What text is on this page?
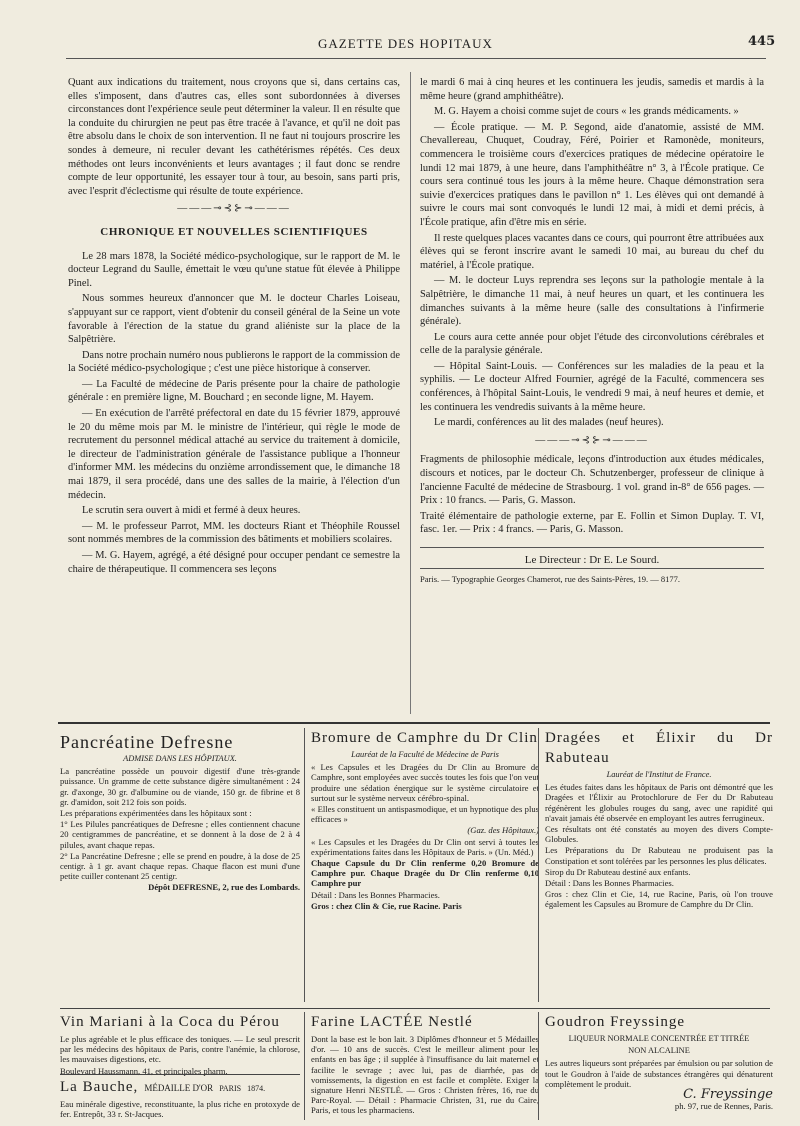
GAZETTE DES HOPITAUX	445

Quant aux indications du traitement, nous croyons que si, dans certains cas, elles s'imposent, dans d'autres cas, elles sont subordonnées à diverses circonstances dont l'expérience seule peut déterminer la valeur. Il en résulte que la conduite du chirurgien ne peut pas être tracée à l'avance, et qu'il ne doit pas être absolu dans le choix de son intervention. Il ne faut ni toujours proscrire les sondes à demeure, ni reculer devant les cathétérismes répétés. Ces deux méthodes ont leurs inconvénients et leurs avantages ; il faut donc se rendre compte de leur opportunité, les essayer tour à tour, au besoin, sans parti pris, avec l'esprit d'éclectisme qui résulte de toute expérience.

———⊸⊰⊱⊸———
CHRONIQUE ET NOUVELLES SCIENTIFIQUES

Le 28 mars 1878, la Société médico-psychologique, sur le rapport de M. le docteur Legrand du Saulle, émettait le vœu qu'une statue fût élevée à Philippe Pinel.

Nous sommes heureux d'annoncer que M. le docteur Charles Loiseau, s'appuyant sur ce rapport, vient d'obtenir du conseil général de la Seine un vote favorable à l'érection de la statue du grand aliéniste sur la place de la Salpêtrière.

Dans notre prochain numéro nous publierons le rapport de la commission de la Société médico-psychologique ; c'est une pièce historique à conserver.

— La Faculté de médecine de Paris présente pour la chaire de pathologie générale : en première ligne, M. Bouchard ; en seconde ligne, M. Hayem.

— En exécution de l'arrêté préfectoral en date du 15 février 1879, approuvé le 20 du même mois par M. le ministre de l'intérieur, qui règle le mode de recrutement du personnel médical attaché au service du traitement à domicile, le directeur de l'administration générale de l'assistance publique a l'honneur d'informer MM. les médecins du onzième arrondissement que, le dimanche 18 mai 1879, il sera procédé, dans une des salles de la mairie, à l'élection d'un médecin.

Le scrutin sera ouvert à midi et fermé à deux heures.

— M. le professeur Parrot, MM. les docteurs Riant et Théophile Roussel sont nommés membres de la commission des bâtiments et mobiliers scolaires.

— M. G. Hayem, agrégé, a été désigné pour occuper pendant ce semestre la chaire de thérapeutique. Il commencera ses leçons

le mardi 6 mai à cinq heures et les continuera les jeudis, samedis et mardis à la même heure (grand amphithéâtre).

M. G. Hayem a choisi comme sujet de cours « les grands médicaments. »

— École pratique. — M. P. Segond, aide d'anatomie, assisté de MM. Chevallereau, Chuquet, Coudray, Féré, Poirier et Ramonède, moniteurs, commencera le troisième cours d'exercices pratiques de médecine opératoire le lundi 12 mai 1879, à une heure, dans l'amphithéâtre n° 3, à l'École pratique. Ce cours sera continué tous les jours à la même heure. Chaque démonstration sera suivie d'exercices pratiques dans le pavillon n° 1. Les élèves qui ont demandé à suivre le cours mai sont convoqués le lundi 12 mai, à midi et demi précis, à l'École pratique, afin d'être mis en série.

Il reste quelques places vacantes dans ce cours, qui pourront être attribuées aux élèves qui se feront inscrire avant le samedi 10 mai, au bureau du chef du matériel, à l'École pratique.

— M. le docteur Luys reprendra ses leçons sur la pathologie mentale à la Salpêtrière, le dimanche 11 mai, à neuf heures un quart, et les continuera les dimanches suivants à la même heure (salle des consultations à l'infirmerie générale).

Le cours aura cette année pour objet l'étude des circonvolutions cérébrales et celle de la paralysie générale.

— Hôpital Saint-Louis. — Conférences sur les maladies de la peau et la syphilis. — Le docteur Alfred Fournier, agrégé de la Faculté, commencera ses conférences, à l'hôpital Saint-Louis, le vendredi 9 mai, à neuf heures et demie, et les continuera les vendredis suivants à la même heure.

Le mardi, conférences au lit des malades (neuf heures).

———⊸⊰⊱⊸———

Fragments de philosophie médicale, leçons d'introduction aux études médicales, discours et notices, par le docteur Ch. Schutzenberger, professeur de clinique à l'ancienne Faculté de médecine de Strasbourg. 1 vol. grand in-8° de 656 pages. — Prix : 10 francs. — Paris, G. Masson.

Traité élémentaire de pathologie externe, par E. Follin et Simon Duplay. T. VI, fasc. 1er. — Prix : 4 francs. — Paris, G. Masson.

Le Directeur : Dr E. Le Sourd.

Paris. — Typographie Georges Chamerot, rue des Saints-Pères, 19. — 8177.

Pancréatine Defresne
ADMISE DANS LES HÔPITAUX.

La pancréatine possède un pouvoir digestif d'une très-grande puissance. Un gramme de cette substance digère simultanément : 24 gr. d'axonge, 30 gr. d'albumine ou de viande, 150 gr. de fibrine et 8 gr. d'amidon, soit 212 fois son poids.

Les préparations expérimentées dans les hôpitaux sont :

1° Les Pilules pancréatiques de Defresne ; elles contiennent chacune 20 centigrammes de pancréatine, et se donnent à la dose de 2 à 4 pilules, avant chaque repas.

2° La Pancréatine Defresne ; elle se prend en poudre, à la dose de 25 centigr. à 1 gr. avant chaque repas. Chaque flacon est muni d'une petite cuiller contenant 25 centigr.

Dépôt DEFRESNE, 2, rue des Lombards.

Bromure de Camphre du Dr Clin
Lauréat de la Faculté de Médecine de Paris

« Les Capsules et les Dragées du Dr Clin au Bromure de Camphre, sont employées avec succès toutes les fois que l'on veut produire une sédation énergique sur le système circulatoire et surtout sur le système nerveux cérébro-spinal.

« Elles constituent un antispasmodique, et un hypnotique des plus efficaces »

(Gaz. des Hôpitaux.)

« Les Capsules et les Dragées du Dr Clin ont servi à toutes les expérimentations faites dans les Hôpitaux de Paris. » (Un. Méd.)

Chaque Capsule du Dr Clin renferme 0,20 Bromure de Camphre pur. Chaque Dragée du Dr Clin renferme 0,10 Camphre pur

Détail : Dans les Bonnes Pharmacies.

Gros : chez Clin & Cie, rue Racine. Paris

Dragées et Élixir du Dr Rabuteau
Lauréat de l'Institut de France.

Les études faites dans les hôpitaux de Paris ont démontré que les Dragées et l'Élixir au Protochlorure de Fer du Dr Rabuteau régénèrent les globules rouges du sang, avec une rapidité qui n'avait jamais été observée en employant les autres ferrugineux.

Ces résultats ont été constatés au moyen des divers Compte-Globules.

Les Préparations du Dr Rabuteau ne produisent pas la Constipation et sont tolérées par les personnes les plus délicates.

Sirop du Dr Rabuteau destiné aux enfants.

Détail : Dans les Bonnes Pharmacies.

Gros : chez Clin et Cie, 14, rue Racine, Paris, où l'on trouve également les Capsules au Bromure de Camphre du Dr Clin.

Vin Mariani à la Coca du Pérou

Le plus agréable et le plus efficace des toniques. — Le seul prescrit par les médecins des hôpitaux de Paris, contre l'anémie, la chlorose, les mauvaises digestions, etc.

Boulevard Haussmann, 41, et principales pharm.

La Bauche, MÉDAILLE D'OR PARIS 1874.

Eau minérale digestive, reconstituante, la plus riche en protoxyde de fer. Entrepôt, 33 r. St-Jacques.

Farine LACTÉE Nestlé

Dont la base est le bon lait. 3 Diplômes d'honneur et 5 Médailles d'or. — 10 ans de succès. C'est le meilleur aliment pour les enfants en bas âge ; il supplée à l'insuffisance du lait maternel et facilite le sevrage ; avec lui, pas de diarrhée, pas de vomissements, la digestion en est facile et complète. Exiger la signature Henri NESTLÉ. — Gros : Christen frères, 16, rue du Parc-Royal. — Détail : Pharmacie Christen, 31, rue du Caire, Paris, et tous les pharmaciens.

Goudron Freyssinge
LIQUEUR NORMALE CONCENTRÉE ET TITRÉE
NON ALCALINE

Les autres liqueurs sont préparées par émulsion ou par solution de tout le Goudron à l'aide de substances étrangères qui dénaturent complètement le produit.

C. Freyssinge

ph. 97, rue de Rennes, Paris.
